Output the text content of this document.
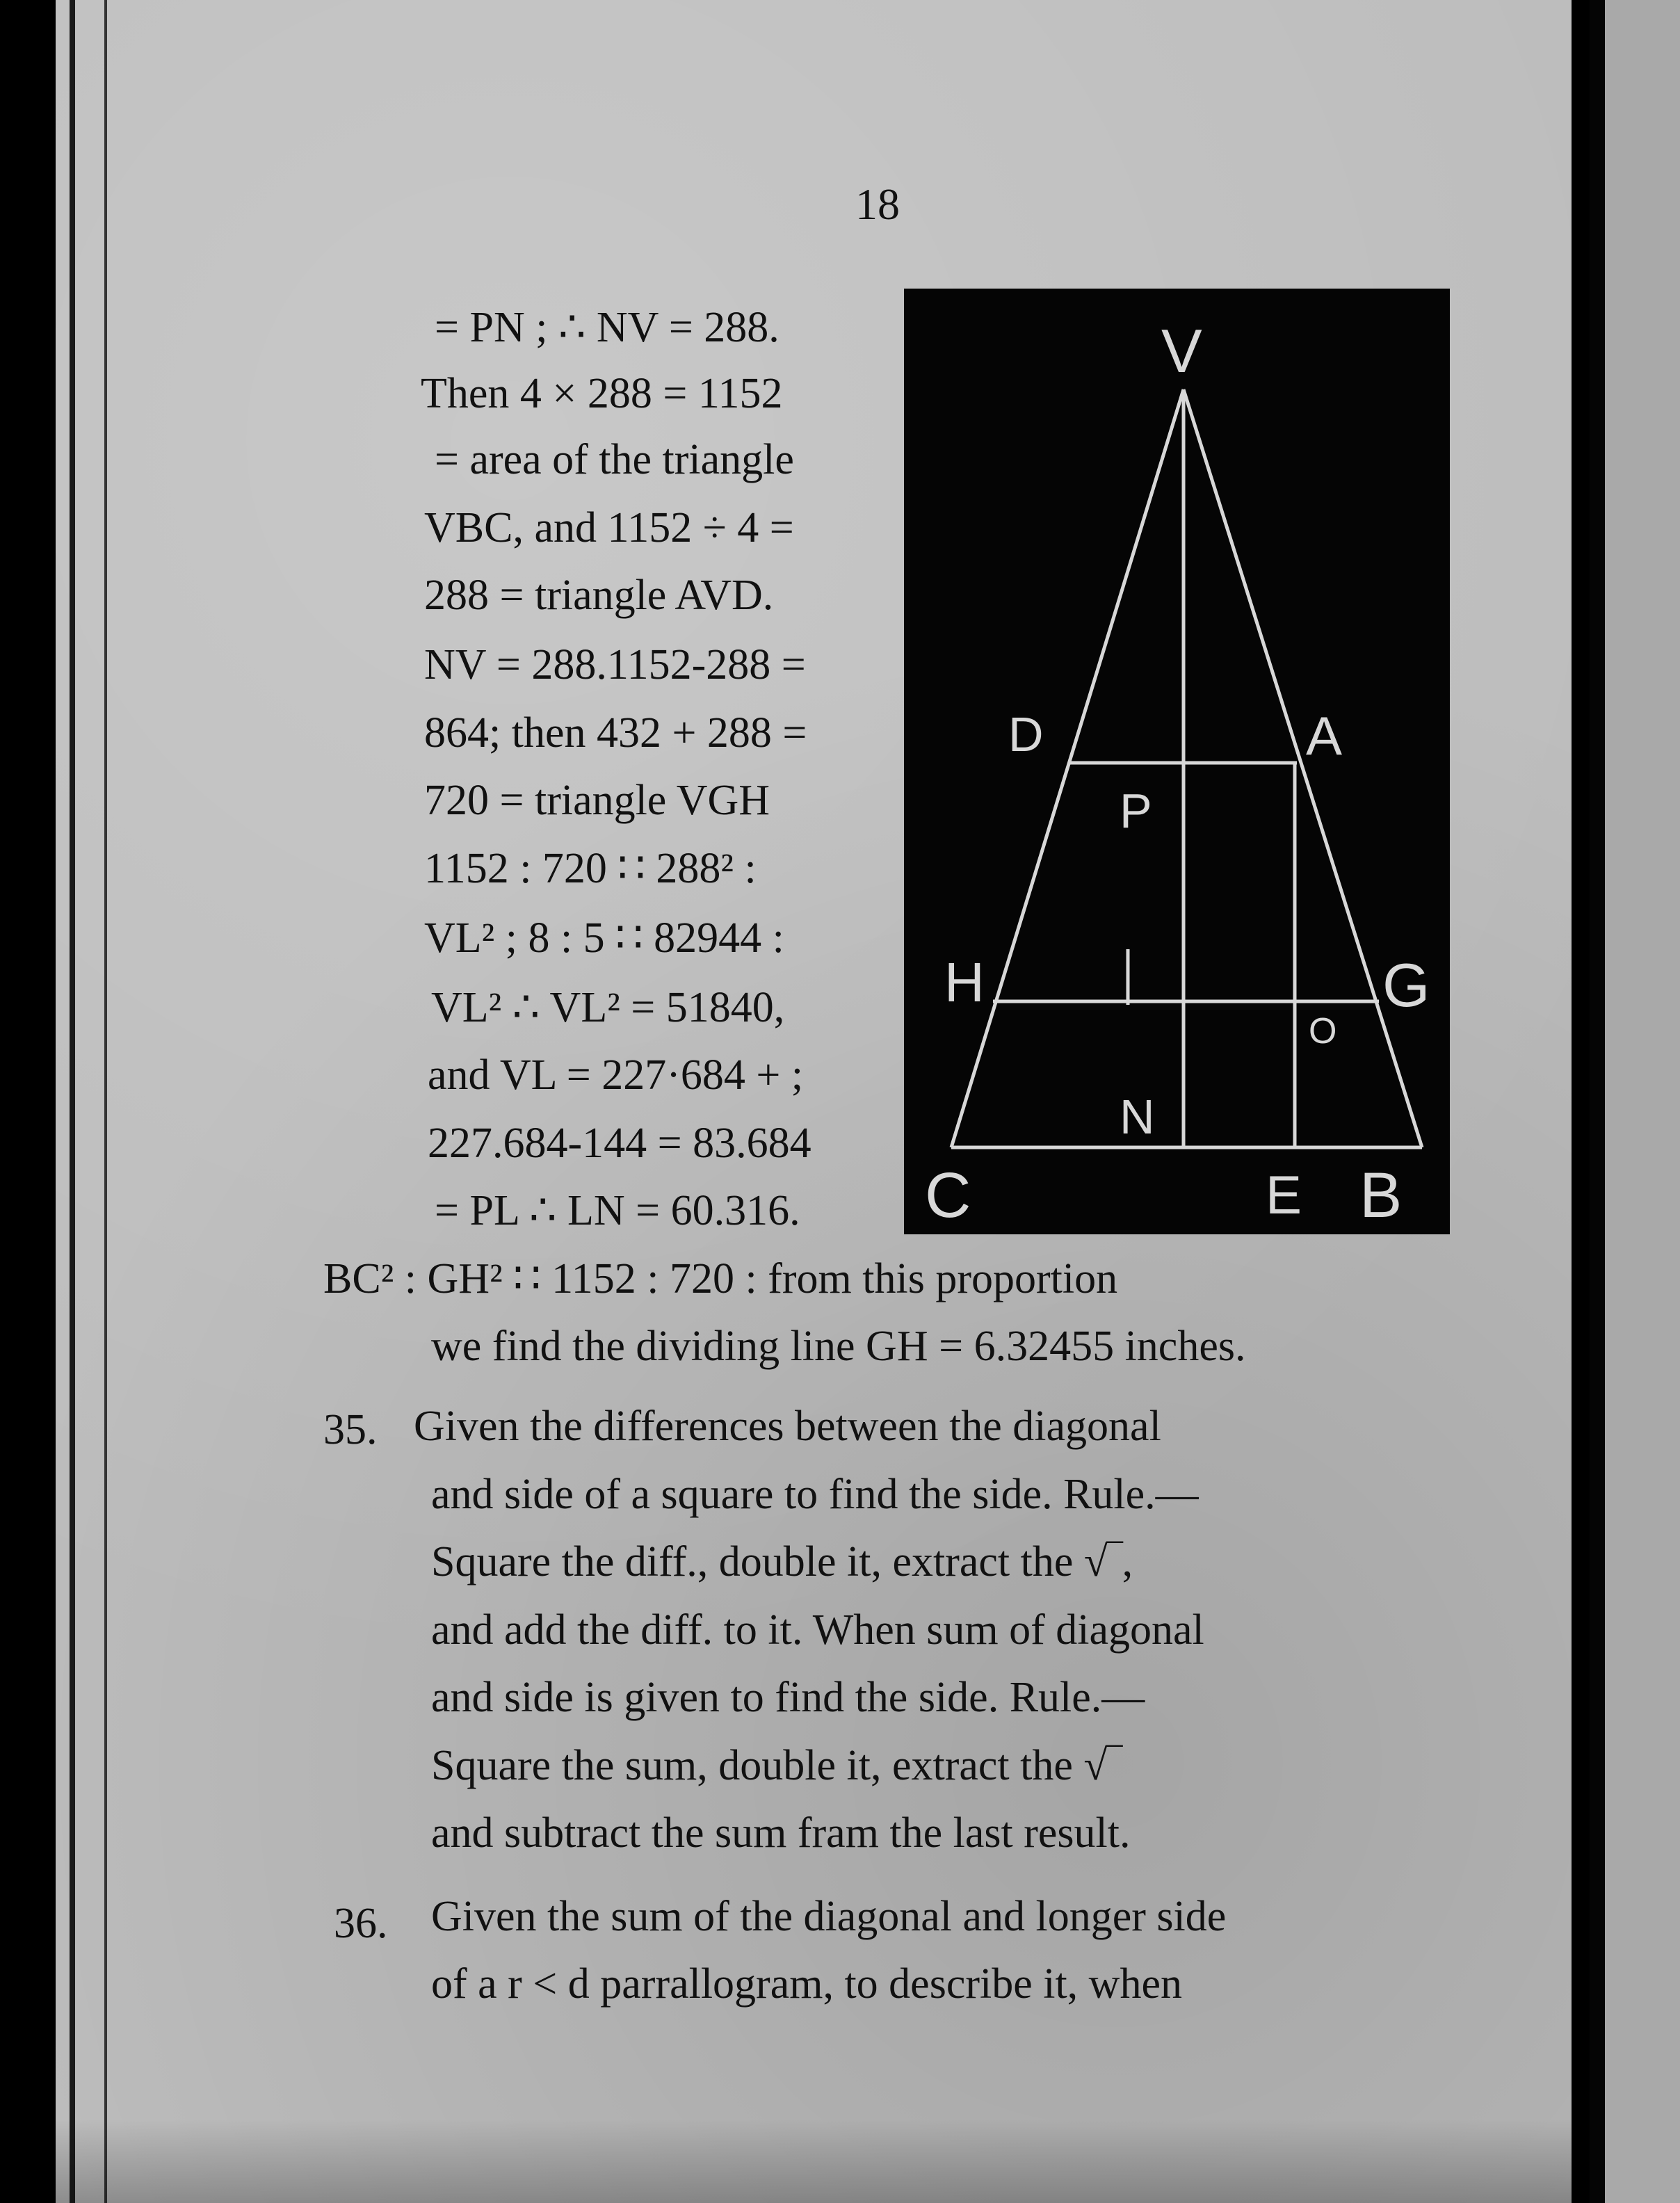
18
= PN ; ∴ NV = 288.
Then 4 × 288 = 1152
= area of the triangle
VBC, and 1152 ÷ 4 =
288 = triangle AVD.
NV = 288.1152-288 =
864; then 432 + 288 =
720 = triangle VGH
1152 : 720 ∷ 288² :
VL² ; 8 : 5 ∷ 82944 :
VL² ∴ VL² = 51840,
and VL = 227·684 + ;
227.684-144 = 83.684
= PL ∴ LN = 60.316.
BC² : GH² ∷ 1152 : 720 : from this proportion
we find the dividing line GH = 6.32455 inches.
35. Given the differences between the diagonal
and side of a square to find the side. Rule.—
Square the diff., double it, extract the √‾,
and add the diff. to it. When sum of diagonal
and side is given to find the side. Rule.—
Square the sum, double it, extract the √‾
and subtract the sum fram the last result.
36. Given the sum of the diagonal and longer side
of a r < d parrallogram, to describe it, when
V
D	A
P
H	G
O
N
C	E B
